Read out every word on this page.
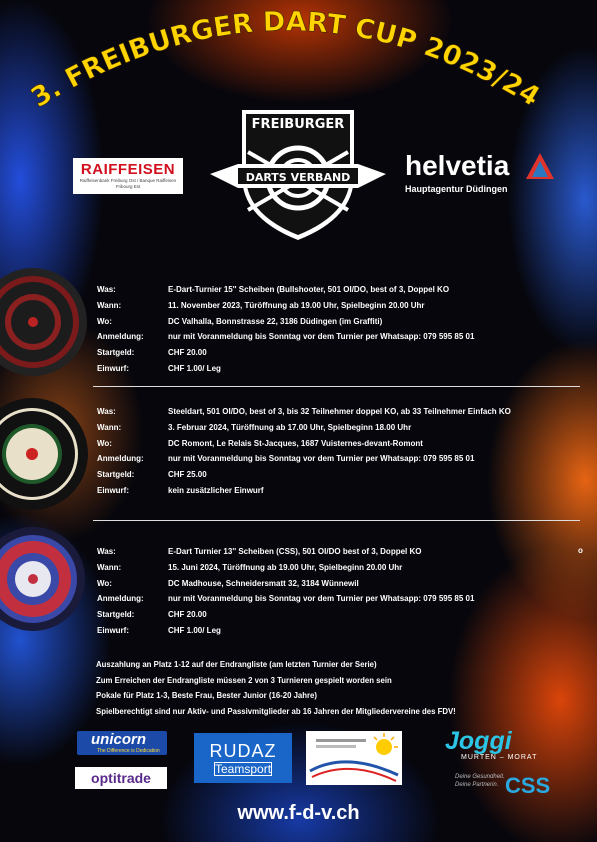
3. FREIBURGER DART CUP 2023/24
RAIFFEISEN
Raiffeisenbank Freiburg Ost / Banque Raiffeisen Fribourg Est
FREIBURGER
DARTS VERBAND helvetia
Hauptagentur Düdingen
Was:	E-Dart-Turnier 15'' Scheiben (Bullshooter, 501 OI/DO, best of 3, Doppel KO
Wann:	11. November 2023, Türöffnung ab 19.00 Uhr, Spielbeginn 20.00 Uhr
Wo:	DC Valhalla, Bonnstrasse 22, 3186 Düdingen (im Graffiti)
Anmeldung:	nur mit Voranmeldung bis Sonntag vor dem Turnier per Whatsapp: 079 595 85 01
Startgeld:	CHF 20.00
Einwurf:	CHF 1.00/ Leg
Was:	Steeldart, 501 OI/DO, best of 3, bis 32 Teilnehmer doppel KO, ab 33 Teilnehmer Einfach KO
Wann:	3. Februar 2024, Türöffnung ab 17.00 Uhr, Spielbeginn 18.00 Uhr
Wo:	DC Romont, Le Relais St-Jacques, 1687 Vuisternes-devant-Romont
Anmeldung:	nur mit Voranmeldung bis Sonntag vor dem Turnier per Whatsapp: 079 595 85 01
Startgeld:	CHF 25.00
Einwurf:	kein zusätzlicher Einwurf
Was:	E-Dart Turnier 13'' Scheiben (CSS), 501 OI/DO best of 3, Doppel KO
Wann:	15. Juni 2024, Türöffnung ab 19.00 Uhr, Spielbeginn 20.00 Uhr
Wo:	DC Madhouse, Schneidersmatt 32, 3184 Wünnewil
Anmeldung:	nur mit Voranmeldung bis Sonntag vor dem Turnier per Whatsapp: 079 595 85 01
Startgeld:	CHF 20.00
Einwurf:	CHF 1.00/ Leg
o
Auszahlung an Platz 1-12 auf der Endrangliste (am letzten Turnier der Serie)
Zum Erreichen der Endrangliste müssen 2 von 3 Turnieren gespielt worden sein
Pokale für Platz 1-3, Beste Frau, Bester Junior (16-20 Jahre)
Spielberechtigt sind nur Aktiv- und Passivmitglieder ab 16 Jahren der Mitgliedervereine des FDV!
unicorn
The Difference is Dedication
optitrade
RUDAZ
Teamsport
Joggi
MURTEN – MORAT
Deine Gesundheit.
Deine Partnerin. CSS
www.f-d-v.ch
